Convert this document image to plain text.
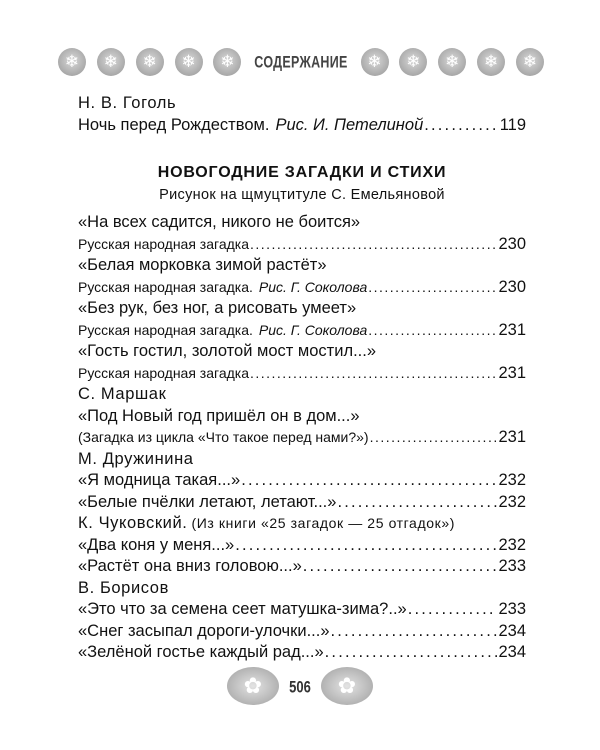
❄	❄	❄	❄	❄	СОДЕРЖАНИЕ	❄	❄	❄	❄	❄
Н. В. Гоголь
Ночь перед Рождеством. Рис. И. Петелиной . . .	119
НОВОГОДНИЕ ЗАГАДКИ И СТИХИ
Рисунок на щмуцтитуле С. Емельяновой
«На всех садится, никого не боится»
Русская народная загадка . . .	230
«Белая морковка зимой растёт»
Русская народная загадка. Рис. Г. Соколова . . .	230
«Без рук, без ног, а рисовать умеет»
Русская народная загадка. Рис. Г. Соколова . . .	231
«Гость гостил, золотой мост мостил...»
Русская народная загадка . . .	231
С. Маршак
«Под Новый год пришёл он в дом...»
(Загадка из цикла «Что такое перед нами?») . . .	231
М. Дружинина
«Я модница такая...» . . .	232
«Белые пчёлки летают, летают...» . . .	232
К. Чуковский. (Из книги «25 загадок — 25 отгадок»)
«Два коня у меня...» . . .	232
«Растёт она вниз головою...» . . .	233
В. Борисов
«Это что за семена сеет матушка-зима?..» . . .	233
«Снег засыпал дороги-улочки...» . . .	234
«Зелёной гостье каждый рад...» . . .	234
✿	506	✿
